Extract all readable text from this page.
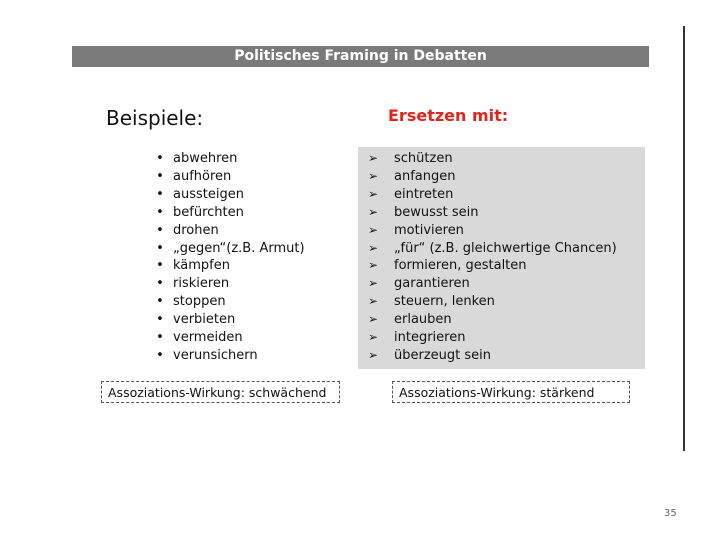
Politisches Framing in Debatten
Beispiele:	Ersetzen mit:
• abwehren
• aufhören
• aussteigen
• befürchten
• drohen
• „gegen“(z.B. Armut)
• kämpfen
• riskieren
• stoppen
• verbieten
• vermeiden
• verunsichern
➢ schützen
➢ anfangen
➢ eintreten
➢ bewusst sein
➢ motivieren
➢ „für“ (z.B. gleichwertige Chancen)
➢ formieren, gestalten
➢ garantieren
➢ steuern, lenken
➢ erlauben
➢ integrieren
➢ überzeugt sein
Assoziations-Wirkung: schwächend	Assoziations-Wirkung: stärkend
35
